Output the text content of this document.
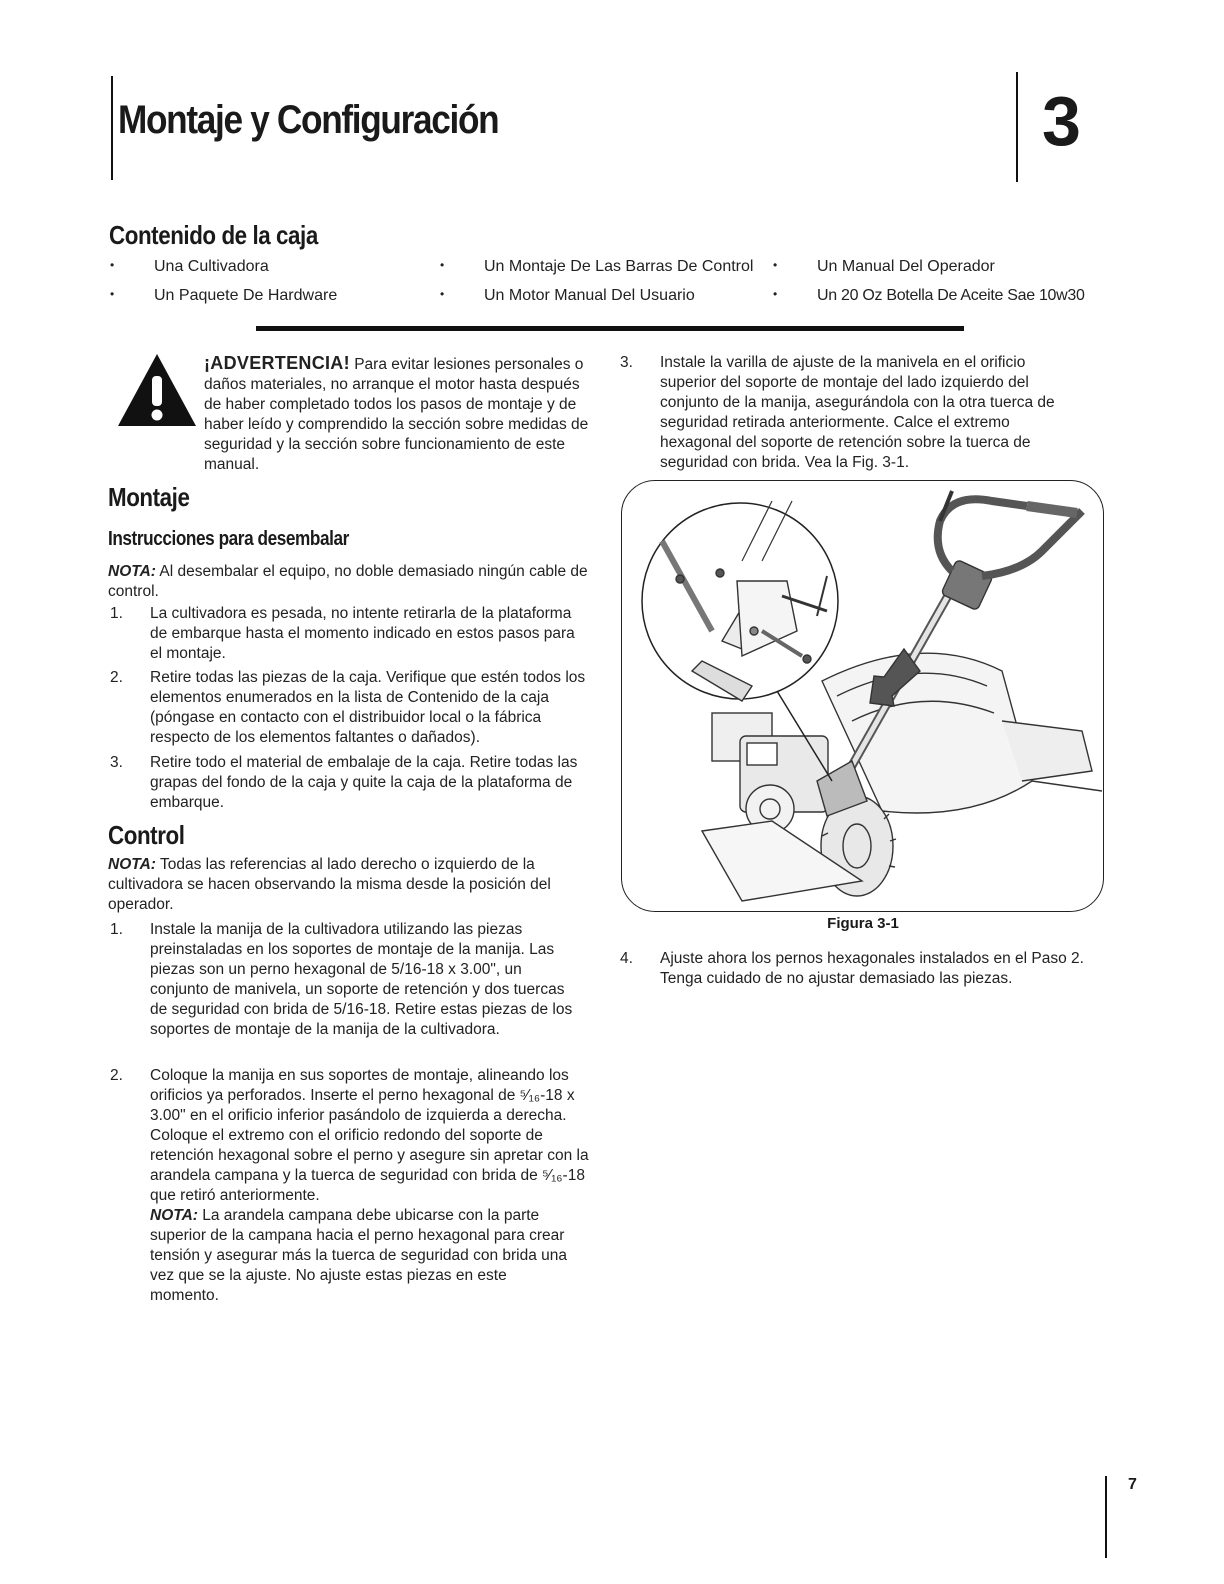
Montaje y Configuración	3
Contenido de la caja
• Una Cultivadora	• Un Montaje De Las Barras De Control • Un Manual Del Operador
• Un Paquete De Hardware	• Un Motor Manual Del Usuario	• Un 20 Oz Botella De Aceite Sae 10w30
¡ADVERTENCIA! Para evitar lesiones personales o daños materiales, no arranque el motor hasta después de haber completado todos los pasos de montaje y de haber leído y comprendido la sección sobre medidas de seguridad y la sección sobre funcionamiento de este manual.
Montaje
Instrucciones para desembalar
NOTA: Al desembalar el equipo, no doble demasiado ningún cable de control.
1. La cultivadora es pesada, no intente retirarla de la plataforma de embarque hasta el momento indicado en estos pasos para el montaje.
2. Retire todas las piezas de la caja. Verifique que estén todos los elementos enumerados en la lista de Contenido de la caja (póngase en contacto con el distribuidor local o la fábrica respecto de los elementos faltantes o dañados).
3. Retire todo el material de embalaje de la caja. Retire todas las grapas del fondo de la caja y quite la caja de la plataforma de embarque.
Control
NOTA: Todas las referencias al lado derecho o izquierdo de la cultivadora se hacen observando la misma desde la posición del operador.
1. Instale la manija de la cultivadora utilizando las piezas preinstaladas en los soportes de montaje de la manija. Las piezas son un perno hexagonal de 5/16-18 x 3.00", un conjunto de manivela, un soporte de retención y dos tuercas de seguridad con brida de 5/16-18. Retire estas piezas de los soportes de montaje de la manija de la cultivadora.
2. Coloque la manija en sus soportes de montaje, alineando los orificios ya perforados. Inserte el perno hexagonal de ⁵⁄₁₆-18 x 3.00" en el orificio inferior pasándolo de izquierda a derecha. Coloque el extremo con el orificio redondo del soporte de retención hexagonal sobre el perno y asegure sin apretar con la arandela campana y la tuerca de seguridad con brida de ⁵⁄₁₆-18 que retiró anteriormente.
NOTA: La arandela campana debe ubicarse con la parte superior de la campana hacia el perno hexagonal para crear tensión y asegurar más la tuerca de seguridad con brida una vez que se la ajuste. No ajuste estas piezas en este momento.
3. Instale la varilla de ajuste de la manivela en el orificio superior del soporte de montaje del lado izquierdo del conjunto de la manija, asegurándola con la otra tuerca de seguridad retirada anteriormente. Calce el extremo hexagonal del soporte de retención sobre la tuerca de seguridad con brida. Vea la Fig. 3-1.
Figura 3-1
4. Ajuste ahora los pernos hexagonales instalados en el Paso 2. Tenga cuidado de no ajustar demasiado las piezas.
7
